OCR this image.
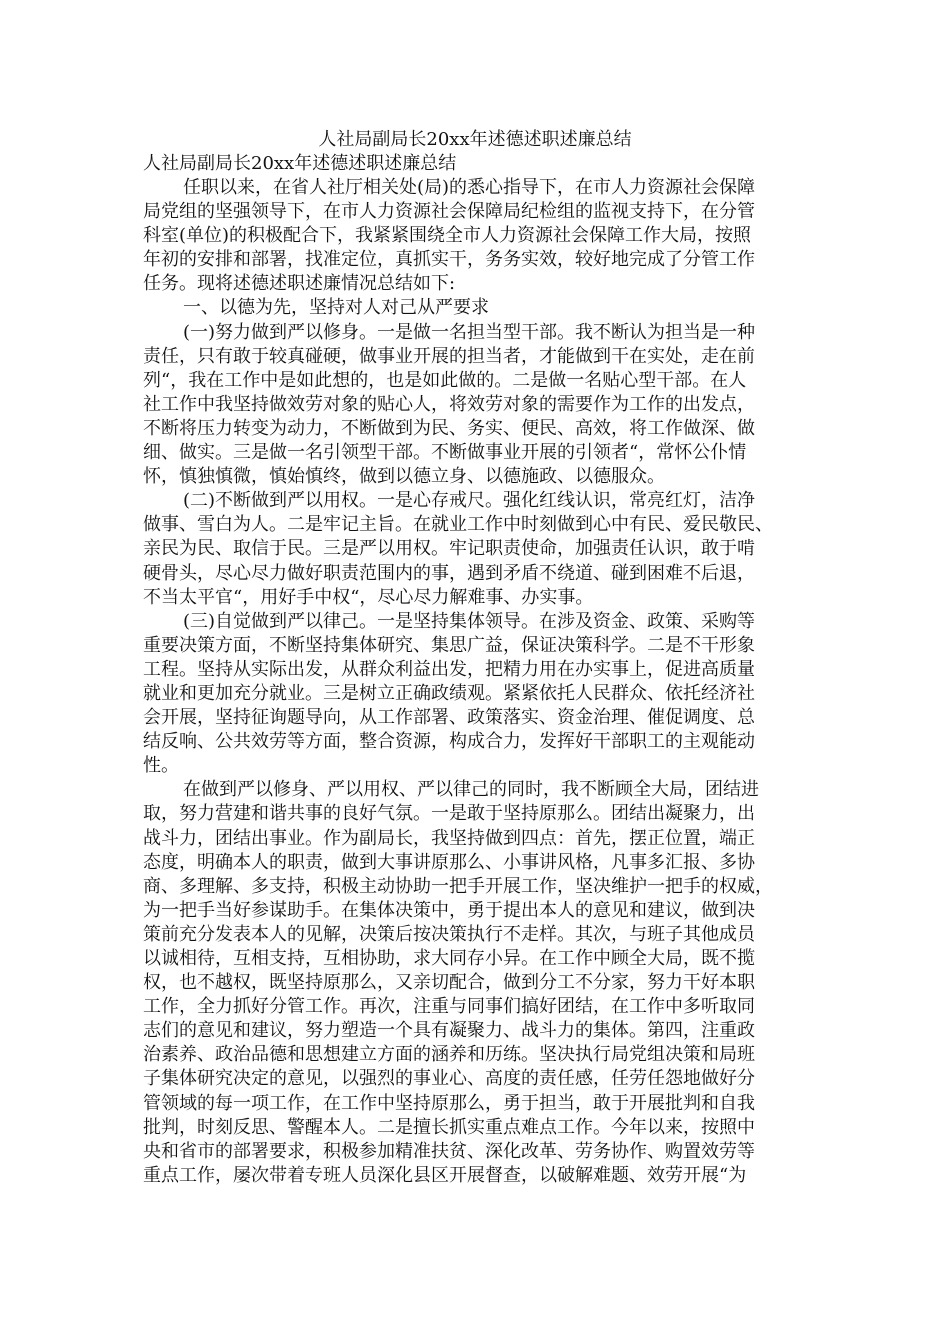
人社局副局长20xx年述德述职述廉总结
人社局副局长20xx年述德述职述廉总结
任职以来，在省人社厅相关处(局)的悉心指导下，在市人力资源社会保障
局党组的坚强领导下，在市人力资源社会保障局纪检组的监视支持下，在分管
科室(单位)的积极配合下，我紧紧围绕全市人力资源社会保障工作大局，按照
年初的安排和部署，找准定位，真抓实干，务务实效，较好地完成了分管工作
任务。现将述德述职述廉情况总结如下:
一、以德为先，坚持对人对己从严要求
(一)努力做到严以修身。一是做一名担当型干部。我不断认为担当是一种
责任，只有敢于较真碰硬，做事业开展的担当者，才能做到干在实处，走在前
列“，我在工作中是如此想的，也是如此做的。二是做一名贴心型干部。在人
社工作中我坚持做效劳对象的贴心人，将效劳对象的需要作为工作的出发点，
不断将压力转变为动力，不断做到为民、务实、便民、高效，将工作做深、做
细、做实。三是做一名引领型干部。不断做事业开展的引领者“，常怀公仆情
怀，慎独慎微，慎始慎终，做到以德立身、以德施政、以德服众。
(二)不断做到严以用权。一是心存戒尺。强化红线认识，常亮红灯，洁净
做事、雪白为人。二是牢记主旨。在就业工作中时刻做到心中有民、爱民敬民、
亲民为民、取信于民。三是严以用权。牢记职责使命，加强责任认识，敢于啃
硬骨头，尽心尽力做好职责范围内的事，遇到矛盾不绕道、碰到困难不后退，
不当太平官“，用好手中权“，尽心尽力解难事、办实事。
(三)自觉做到严以律己。一是坚持集体领导。在涉及资金、政策、采购等
重要决策方面，不断坚持集体研究、集思广益，保证决策科学。二是不干形象
工程。坚持从实际出发，从群众利益出发，把精力用在办实事上，促进高质量
就业和更加充分就业。三是树立正确政绩观。紧紧依托人民群众、依托经济社
会开展，坚持征询题导向，从工作部署、政策落实、资金治理、催促调度、总
结反响、公共效劳等方面，整合资源，构成合力，发挥好干部职工的主观能动
性。
在做到严以修身、严以用权、严以律己的同时，我不断顾全大局，团结进
取，努力营建和谐共事的良好气氛。一是敢于坚持原那么。团结出凝聚力，出
战斗力，团结出事业。作为副局长，我坚持做到四点：首先，摆正位置，端正
态度，明确本人的职责，做到大事讲原那么、小事讲风格，凡事多汇报、多协
商、多理解、多支持，积极主动协助一把手开展工作，坚决维护一把手的权威，
为一把手当好参谋助手。在集体决策中，勇于提出本人的意见和建议，做到决
策前充分发表本人的见解，决策后按决策执行不走样。其次，与班子其他成员
以诚相待，互相支持，互相协助，求大同存小异。在工作中顾全大局，既不揽
权，也不越权，既坚持原那么，又亲切配合，做到分工不分家，努力干好本职
工作，全力抓好分管工作。再次，注重与同事们搞好团结，在工作中多听取同
志们的意见和建议，努力塑造一个具有凝聚力、战斗力的集体。第四，注重政
治素养、政治品德和思想建立方面的涵养和历练。坚决执行局党组决策和局班
子集体研究决定的意见，以强烈的事业心、高度的责任感，任劳任怨地做好分
管领域的每一项工作，在工作中坚持原那么，勇于担当，敢于开展批判和自我
批判，时刻反思、警醒本人。二是擅长抓实重点难点工作。今年以来，按照中
央和省市的部署要求，积极参加精准扶贫、深化改革、劳务协作、购置效劳等
重点工作，屡次带着专班人员深化县区开展督查，以破解难题、效劳开展“为
